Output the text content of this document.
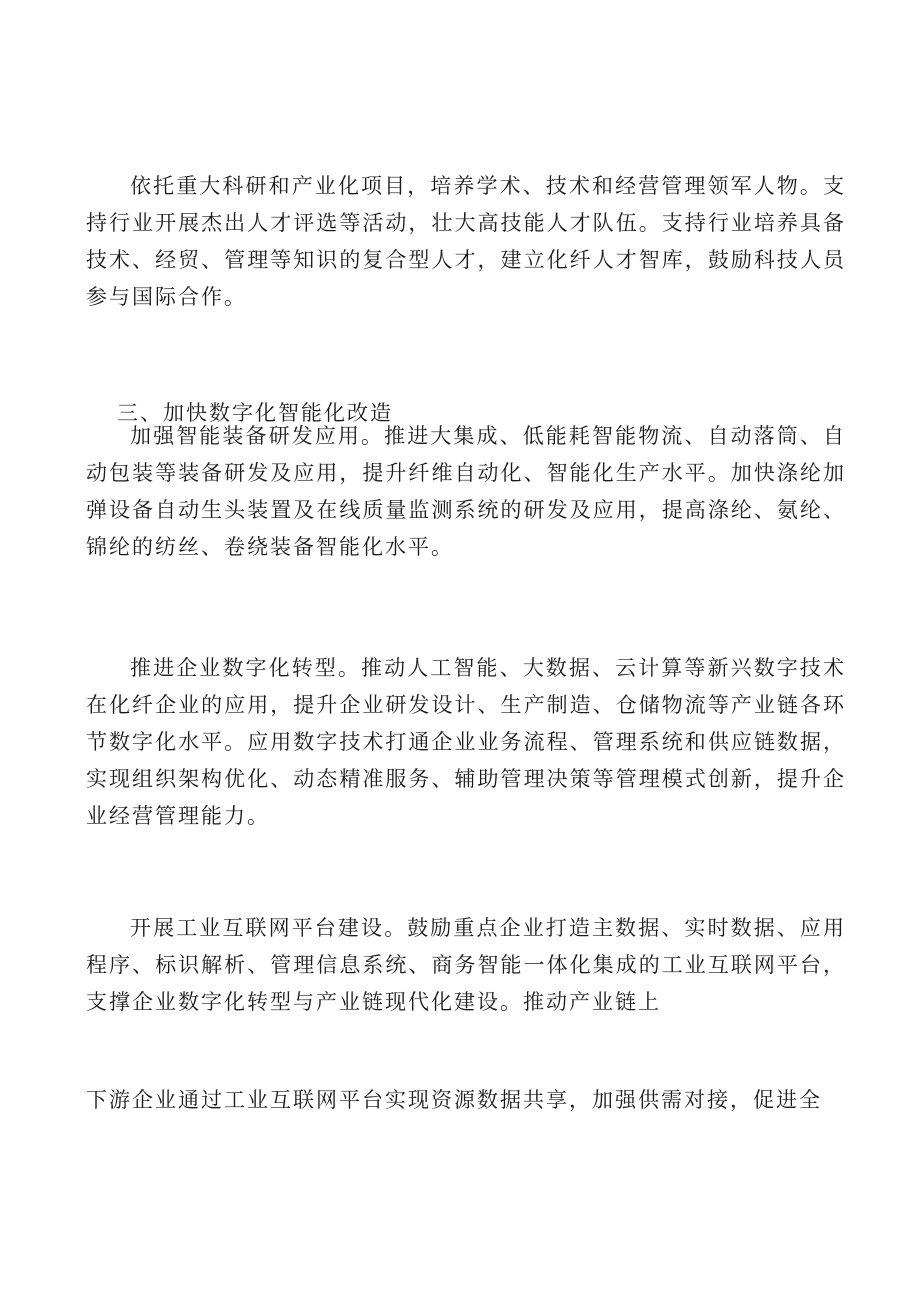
依托重大科研和产业化项目，培养学术、技术和经营管理领军人物。支持行业开展杰出人才评选等活动，壮大高技能人才队伍。支持行业培养具备技术、经贸、管理等知识的复合型人才，建立化纤人才智库，鼓励科技人员参与国际合作。

三、加快数字化智能化改造

推进企业数字化转型。推动人工智能、大数据、云计算等新兴数字技术在化纤企业的应用，提升企业研发设计、生产制造、仓储物流等产业链各环节数字化水平。应用数字技术打通企业业务流程、管理系统和供应链数据，实现组织架构优化、动态精准服务、辅助管理决策等管理模式创新，提升企业经营管理能力。

开展工业互联网平台建设。鼓励重点企业打造主数据、实时数据、应用程序、标识解析、管理信息系统、商务智能一体化集成的工业互联网平台，支撑企业数字化转型与产业链现代化建设。推动产业链上

下游企业通过工业互联网平台实现资源数据共享，加强供需对接，促进全

加强智能装备研发应用。推进大集成、低能耗智能物流、自动落筒、自动包装等装备研发及应用，提升纤维自动化、智能化生产水平。加快涤纶加弹设备自动生头装置及在线质量监测系统的研发及应用，提高涤纶、氨纶、锦纶的纺丝、卷绕装备智能化水平。
